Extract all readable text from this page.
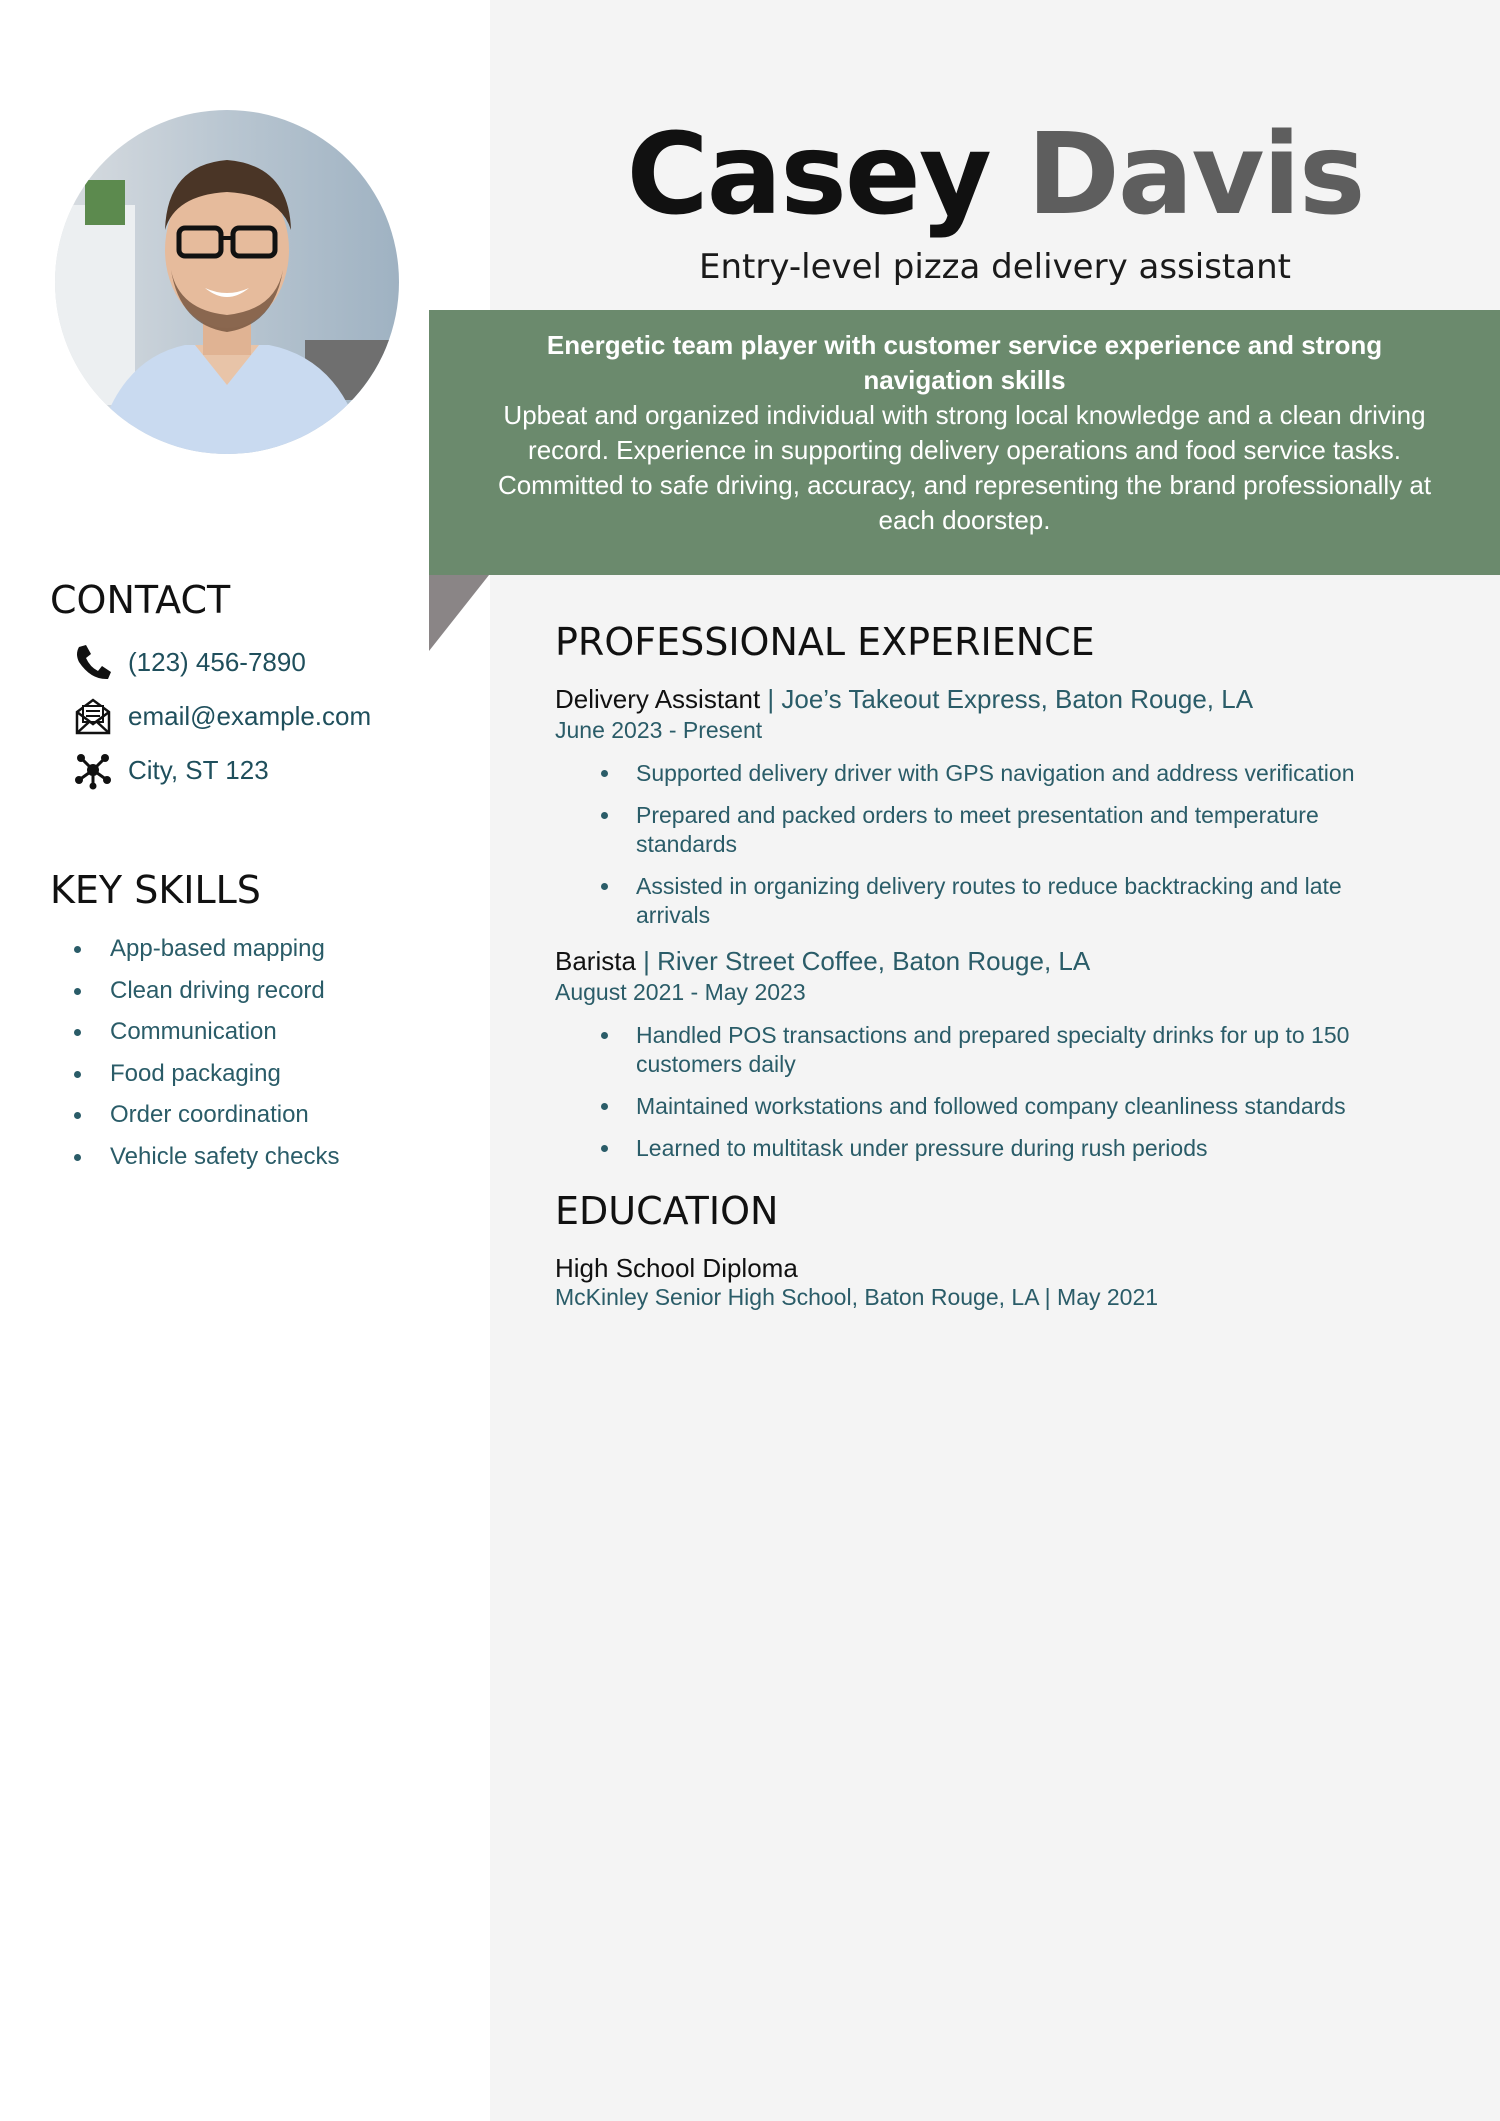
Casey Davis
Entry-level pizza delivery assistant
Energetic team player with customer service experience and strong navigation skills
Upbeat and organized individual with strong local knowledge and a clean driving record. Experience in supporting delivery operations and food service tasks. Committed to safe driving, accuracy, and representing the brand professionally at each doorstep.
CONTACT
(123) 456-7890
email@example.com
City, ST 123
KEY SKILLS
App-based mapping
Clean driving record
Communication
Food packaging
Order coordination
Vehicle safety checks
PROFESSIONAL EXPERIENCE
Delivery Assistant | Joe’s Takeout Express, Baton Rouge, LA
June 2023 - Present
Supported delivery driver with GPS navigation and address verification
Prepared and packed orders to meet presentation and temperature standards
Assisted in organizing delivery routes to reduce backtracking and late arrivals
Barista | River Street Coffee, Baton Rouge, LA
August 2021 - May 2023
Handled POS transactions and prepared specialty drinks for up to 150 customers daily
Maintained workstations and followed company cleanliness standards
Learned to multitask under pressure during rush periods
EDUCATION
High School Diploma
McKinley Senior High School, Baton Rouge, LA | May 2021
